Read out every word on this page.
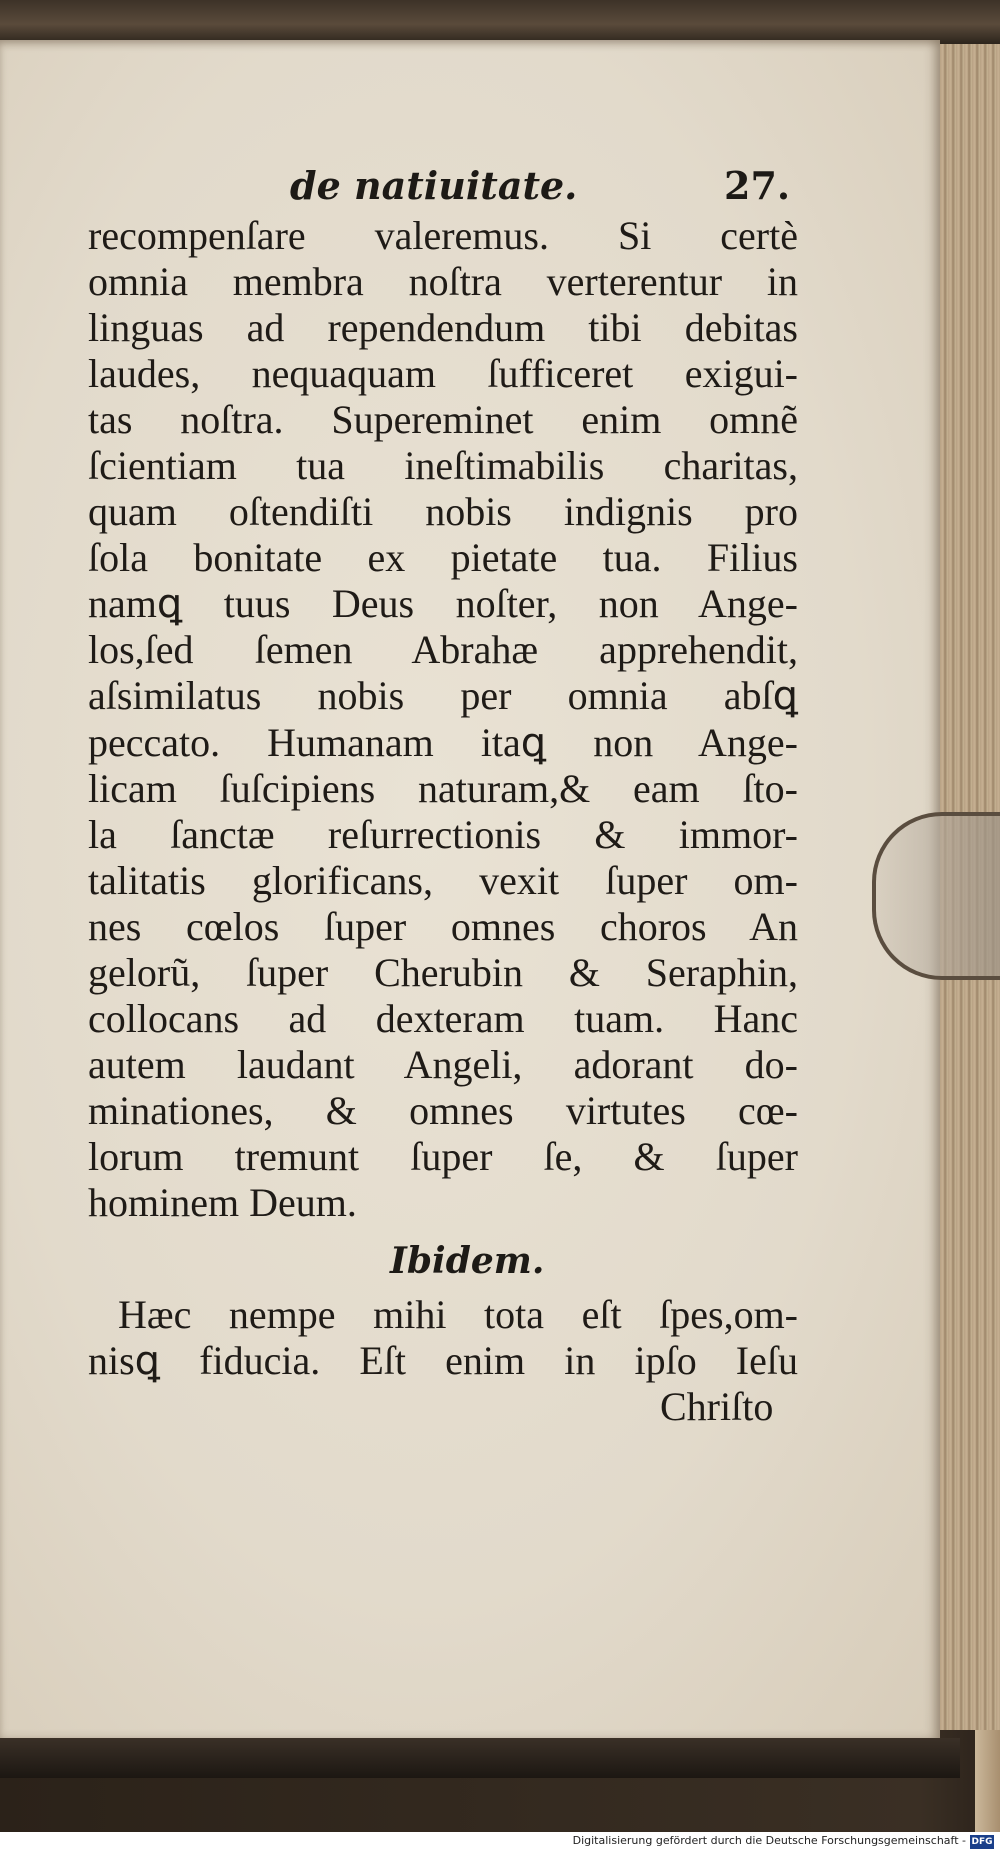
de natiuitate.	27.
recompenſare valeremus. Si certè
omnia membra noſtra verterentur in
linguas ad rependendum tibi debitas
laudes, nequaquam ſufficeret exigui-
tas noſtra. Supereminet enim omnẽ
ſcientiam tua ineſtimabilis charitas,
quam oſtendiſti nobis indignis pro
ſola bonitate ex pietate tua. Filius
namꝗ tuus Deus noſter, non Ange-
los,ſed ſemen Abrahæ apprehendit,
aſsimilatus nobis per omnia abſꝗ
peccato. Humanam itaꝗ non Ange-
licam ſuſcipiens naturam,& eam ſto-
la ſanctæ reſurrectionis & immor-
talitatis glorificans, vexit ſuper om-
nes cœlos ſuper omnes choros An
gelorũ, ſuper Cherubin & Seraphin,
collocans ad dexteram tuam. Hanc
autem laudant Angeli, adorant do-
minationes, & omnes virtutes cœ-
Ibidem.
Hæc nempe mihi tota eſt ſpes,om-
nisꝗ fiducia. Eſt enim in ipſo Ieſu
Chriſto
Digitalisierung gefördert durch die Deutsche Forschungsgemeinschaft - DFG
lorum tremunt ſuper ſe, & ſuper
hominem Deum.
